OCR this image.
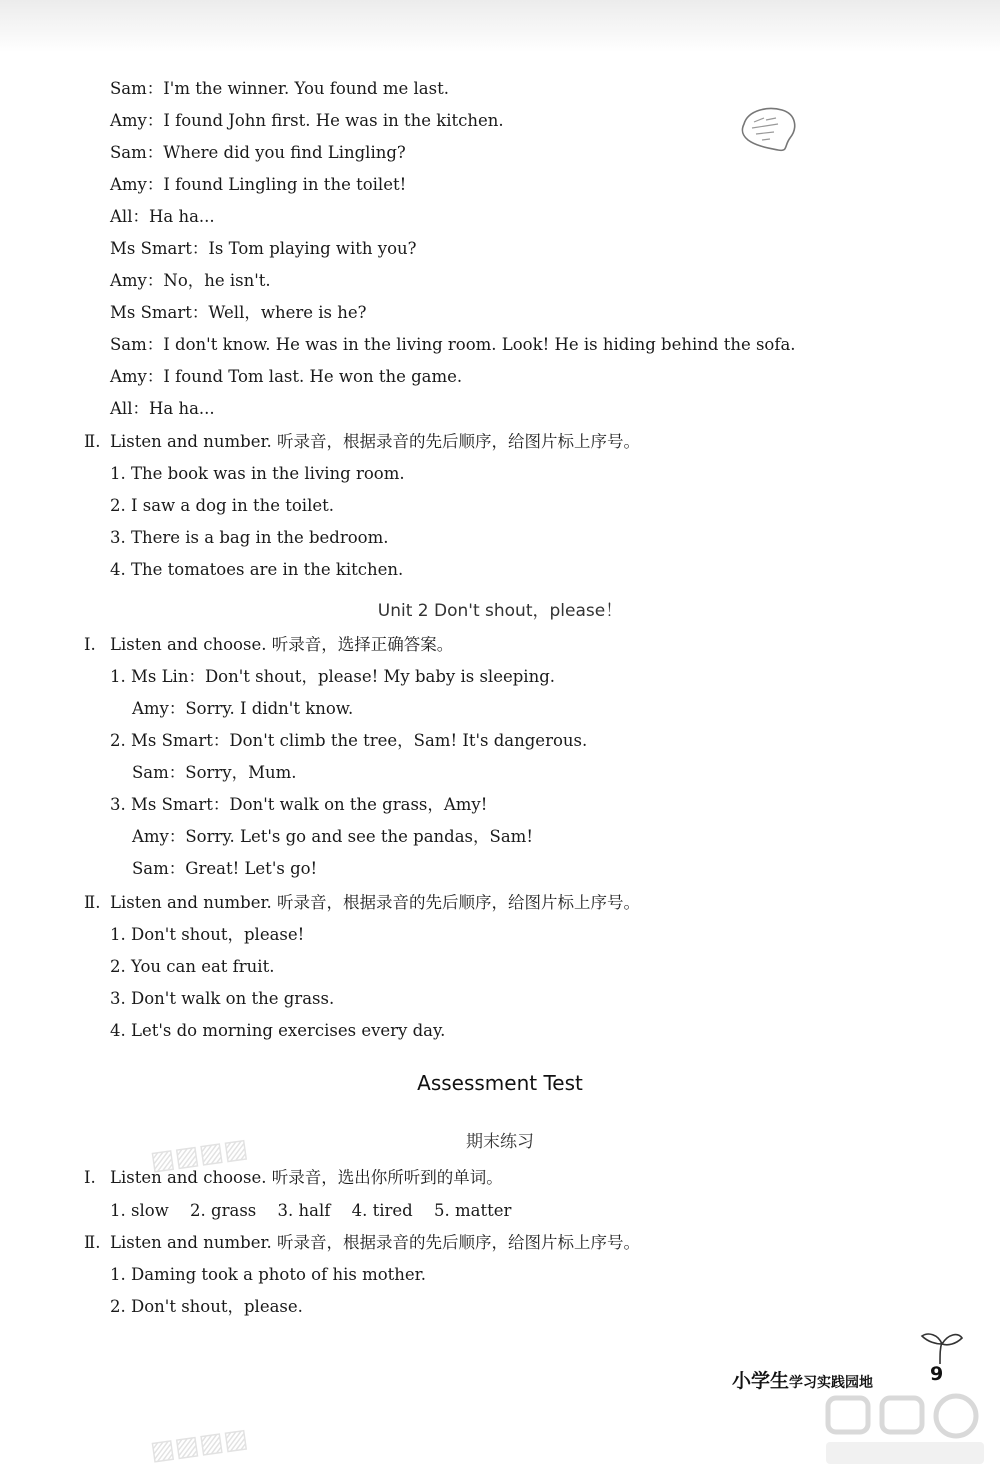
Sam：I'm the winner. You found me last.
Amy：I found John first. He was in the kitchen.
Sam：Where did you find Lingling?
Amy：I found Lingling in the toilet!
All：Ha ha...
Ms Smart：Is Tom playing with you?
Amy：No，he isn't.
Ms Smart：Well，where is he?
Sam：I don't know. He was in the living room. Look! He is hiding behind the sofa.
Amy：I found Tom last. He won the game.
All：Ha ha...
Ⅱ. Listen and number. 听录音，根据录音的先后顺序，给图片标上序号。
1. The book was in the living room.
2. I saw a dog in the toilet.
3. There is a bag in the bedroom.
4. The tomatoes are in the kitchen.
Unit 2 Don't shout，please！
Ⅰ. Listen and choose. 听录音，选择正确答案。
1. Ms Lin：Don't shout，please! My baby is sleeping.
Amy：Sorry. I didn't know.
2. Ms Smart：Don't climb the tree，Sam! It's dangerous.
Sam：Sorry，Mum.
3. Ms Smart：Don't walk on the grass，Amy!
Amy：Sorry. Let's go and see the pandas，Sam!
Sam：Great! Let's go!
Ⅱ. Listen and number. 听录音，根据录音的先后顺序，给图片标上序号。
1. Don't shout，please!
2. You can eat fruit.
3. Don't walk on the grass.
4. Let's do morning exercises every day.
Assessment Test
期末练习
Ⅰ. Listen and choose. 听录音，选出你所听到的单词。
1. slow 2. grass 3. half 4. tired 5. matter
Ⅱ. Listen and number. 听录音，根据录音的先后顺序，给图片标上序号。
1. Daming took a photo of his mother.
2. Don't shout，please.
▨▨▨▨
▨▨▨▨
小学生学习实践园地	9
